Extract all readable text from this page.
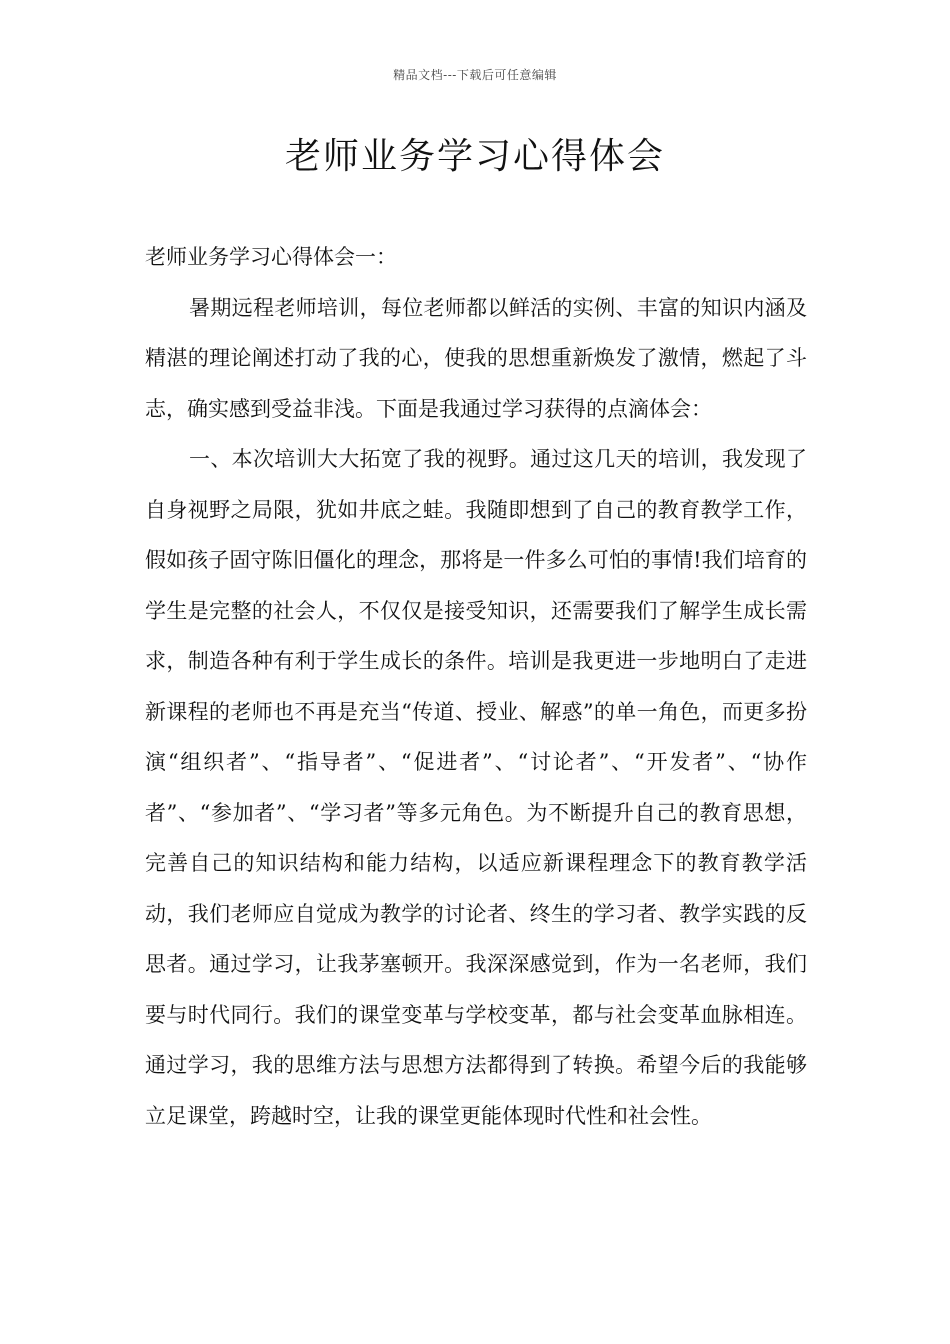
精品文档---下载后可任意编辑
老师业务学习心得体会

老师业务学习心得体会一：

暑期远程老师培训，每位老师都以鲜活的实例、丰富的知识内涵及精湛的理论阐述打动了我的心，使我的思想重新焕发了激情，燃起了斗志，确实感到受益非浅。下面是我通过学习获得的点滴体会：

一、本次培训大大拓宽了我的视野。通过这几天的培训，我发现了自身视野之局限，犹如井底之蛙。我随即想到了自己的教育教学工作，假如孩子固守陈旧僵化的理念，那将是一件多么可怕的事情!我们培育的学生是完整的社会人，不仅仅是接受知识，还需要我们了解学生成长需求，制造各种有利于学生成长的条件。培训是我更进一步地明白了走进新课程的老师也不再是充当“传道、授业、解惑”的单一角色，而更多扮演“组织者”、“指导者”、“促进者”、“讨论者”、“开发者”、“协作者”、“参加者”、“学习者”等多元角色。为不断提升自己的教育思想，完善自己的知识结构和能力结构，以适应新课程理念下的教育教学活动，我们老师应自觉成为教学的讨论者、终生的学习者、教学实践的反思者。通过学习，让我茅塞顿开。我深深感觉到，作为一名老师，我们要与时代同行。我们的课堂变革与学校变革，都与社会变革血脉相连。通过学习，我的思维方法与思想方法都得到了转换。希望今后的我能够立足课堂，跨越时空，让我的课堂更能体现时代性和社会性。
